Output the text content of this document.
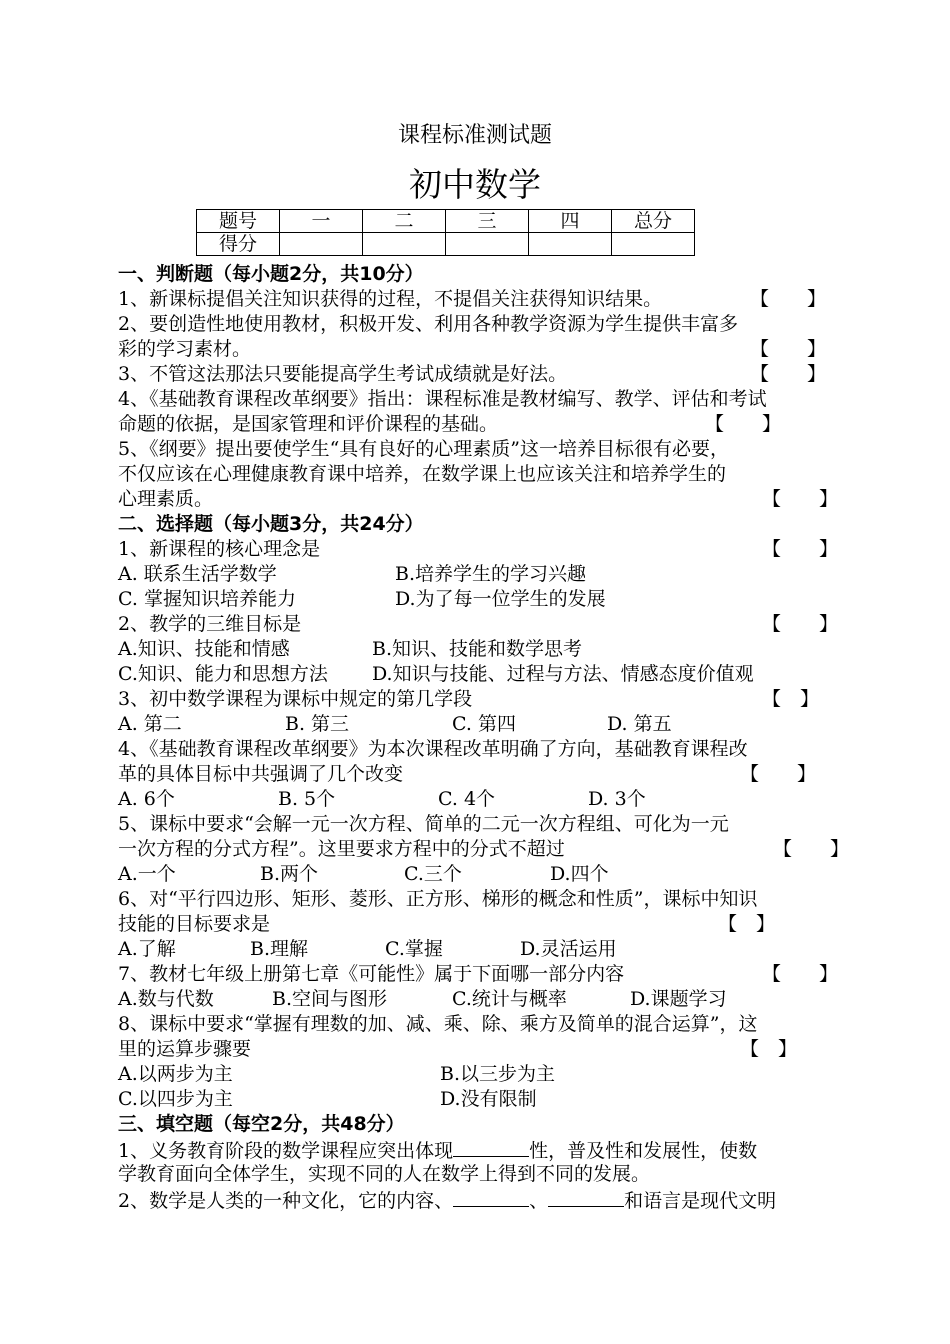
课程标准测试题
初中数学
题号	一	二	三	四	总分
得分					
一、判断题（每小题2分，共10分）
1、新课标提倡关注知识获得的过程，不提倡关注获得知识结果。	【　　】
2、要创造性地使用教材，积极开发、利用各种教学资源为学生提供丰富多
彩的学习素材。	【　　】
3、不管这法那法只要能提高学生考试成绩就是好法。	【　　】
4、《基础教育课程改革纲要》指出：课程标准是教材编写、教学、评估和考试
命题的依据，是国家管理和评价课程的基础。	【　　】
5、《纲要》提出要使学生“具有良好的心理素质”这一培养目标很有必要，
不仅应该在心理健康教育课中培养，在数学课上也应该关注和培养学生的
心理素质。	【　　】
二、选择题（每小题3分，共24分）
1、新课程的核心理念是	【　　】
A. 联系生活学数学	B.培养学生的学习兴趣
C. 掌握知识培养能力	D.为了每一位学生的发展
2、教学的三维目标是	【　　】
A.知识、技能和情感	B.知识、技能和数学思考
C.知识、能力和思想方法 D.知识与技能、过程与方法、情感态度价值观
3、初中数学课程为课标中规定的第几学段	【　】
A. 第二	B. 第三	C. 第四	D. 第五
4、《基础教育课程改革纲要》为本次课程改革明确了方向，基础教育课程改
革的具体目标中共强调了几个改变	【　　】
A. 6个	B. 5个	C. 4个	D. 3个
5、课标中要求“会解一元一次方程、简单的二元一次方程组、可化为一元
一次方程的分式方程”。这里要求方程中的分式不超过	【　　】
A.一个	B.两个	C.三个	D.四个
6、对“平行四边形、矩形、菱形、正方形、梯形的概念和性质”，课标中知识
技能的目标要求是	【　】
A.了解	B.理解	C.掌握	D.灵活运用
7、教材七年级上册第七章《可能性》属于下面哪一部分内容	【　　】
A.数与代数	B.空间与图形	C.统计与概率	D.课题学习
8、课标中要求“掌握有理数的加、减、乘、除、乘方及简单的混合运算”，这
里的运算步骤要	【　】
A.以两步为主	B.以三步为主
C.以四步为主	D.没有限制
三、填空题（每空2分，共48分）
1、义务教育阶段的数学课程应突出体现	性，普及性和发展性，使数
学教育面向全体学生，实现不同的人在数学上得到不同的发展。
2、数学是人类的一种文化，它的内容、	、	和语言是现代文明
